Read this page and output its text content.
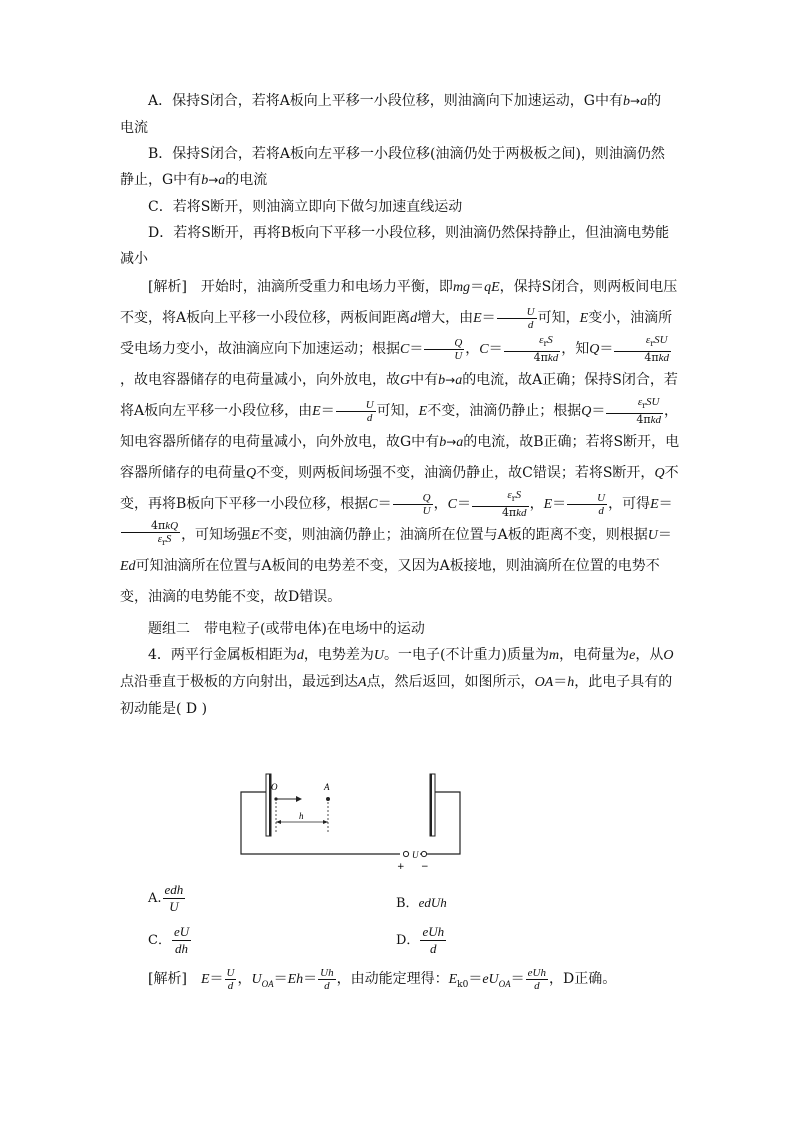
A．保持S闭合，若将A板向上平移一小段位移，则油滴向下加速运动，G中有b→a的
电流

B．保持S闭合，若将A板向左平移一小段位移(油滴仍处于两极板之间)，则油滴仍然
静止，G中有b→a的电流

C．若将S断开，则油滴立即向下做匀加速直线运动

D．若将S断开，再将B板向下平移一小段位移，则油滴仍然保持静止，但油滴电势能
减小

[解析]　开始时，油滴所受重力和电场力平衡，即mg＝qE，保持S闭合，则两板间电压不变，将A板向上平移一小段位移，两板间距离d增大，由$E= \frac{U}{d}$ 可知，E变小，油滴所受电场力变小，故油滴应向下加速运动；根据$C= \frac{Q}{U}$ ，$C= \frac{\varepsilon_rS}{\text{4πkd}}$ ，知$Q= \frac{\varepsilon_rSU}{\text{4πkd}}$
，故电容器储存的电荷量减小，向外放电，故G中有b→a的电流，故A正确；保持S闭合，若将A板向左平移一小段位移，由$E= \frac{U}{d}$ 可知，E不变，油滴仍静止；根据$Q= \frac{\varepsilon_rSU}{\text{4πkd}}$ ，知电容器所储存的电荷量减小，向外放电，故G中有b→a的电流，故B正确；若将S断开，电容器所储存的电荷量Q不变，则两板间场强不变，油滴仍静止，故C错误；若将S断开，Q不变，再将B板向下平移一小段位移，根据$C= \frac{Q}{U}$ ，$C= \frac{\varepsilon_rS}{\text{4πkd}}$ ，$E= \frac{U}{d}$ ，可得E＝
$\frac{\text{4πkQ}}{\varepsilon_rS}$ ，可知场强E不变，则油滴仍静止；油滴所在位置与A板的距离不变，则根据U＝Ed可知油滴所在位置与A板间的电势差不变，又因为A板接地，则油滴所在位置的电势不变，油滴的电势能不变，故D错误。

题组二　带电粒子(或带电体)在电场中的运动

4．两平行金属板相距为d，电势差为U。一电子(不计重力)质量为m，电荷量为e，从O点沿垂直于极板的方向射出，最远到达A点，然后返回，如图所示，OA＝h，此电子具有的初动能是( D )

O	A
h
U
+ −
A. $\frac{\text{edh}}{U}$	B．edUh
C． $\frac{eU}{dh}$	D． $\frac{\text{eUh}}{d}$
[解析]　 $E= \frac{U}{d}$ ，$U_{OA}=Eh= \frac{Uh}{d}$ ，由动能定理得：$E_{k0}=eU_{OA}= \frac{\text{eUh}}{d}$ ，D正确。
